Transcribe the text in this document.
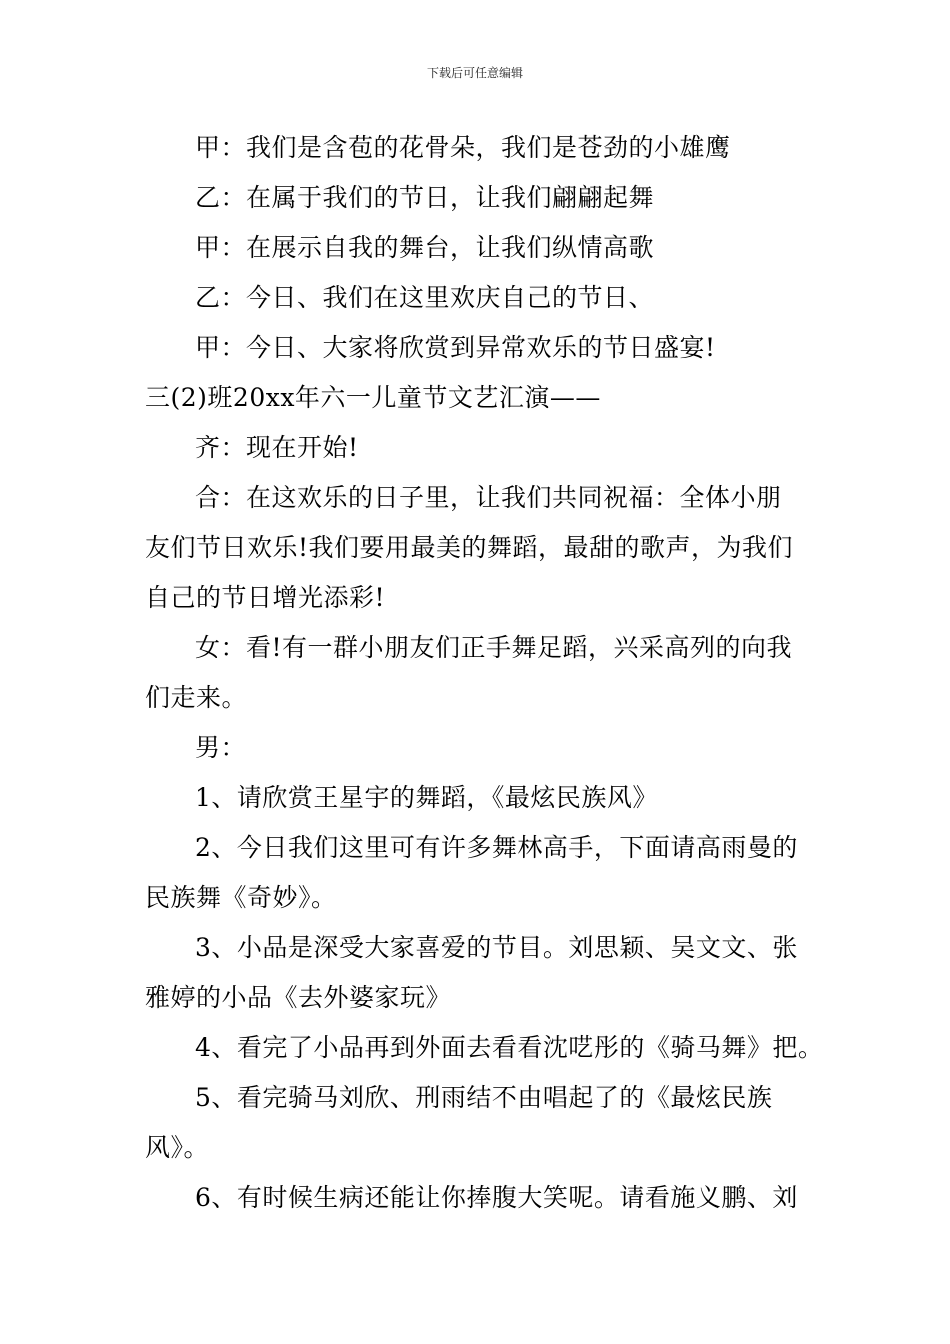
下载后可任意编辑
甲：我们是含苞的花骨朵，我们是苍劲的小雄鹰
乙：在属于我们的节日，让我们翩翩起舞
甲：在展示自我的舞台，让我们纵情高歌
乙：今日、我们在这里欢庆自己的节日、
甲：今日、大家将欣赏到异常欢乐的节日盛宴!
三(2)班20xx年六一儿童节文艺汇演——
齐：现在开始!
合：在这欢乐的日子里，让我们共同祝福：全体小朋
友们节日欢乐!我们要用最美的舞蹈，最甜的歌声，为我们
自己的节日增光添彩!
女：看!有一群小朋友们正手舞足蹈，兴采高列的向我
们走来。
男：
1、请欣赏王星宇的舞蹈，《最炫民族风》
2、今日我们这里可有许多舞林高手，下面请高雨曼的
民族舞《奇妙》。
3、小品是深受大家喜爱的节目。刘思颖、吴文文、张
雅婷的小品《去外婆家玩》
4、看完了小品再到外面去看看沈呓彤的《骑马舞》把。
5、看完骑马刘欣、刑雨结不由唱起了的《最炫民族
风》。
6、有时候生病还能让你捧腹大笑呢。请看施义鹏、刘
